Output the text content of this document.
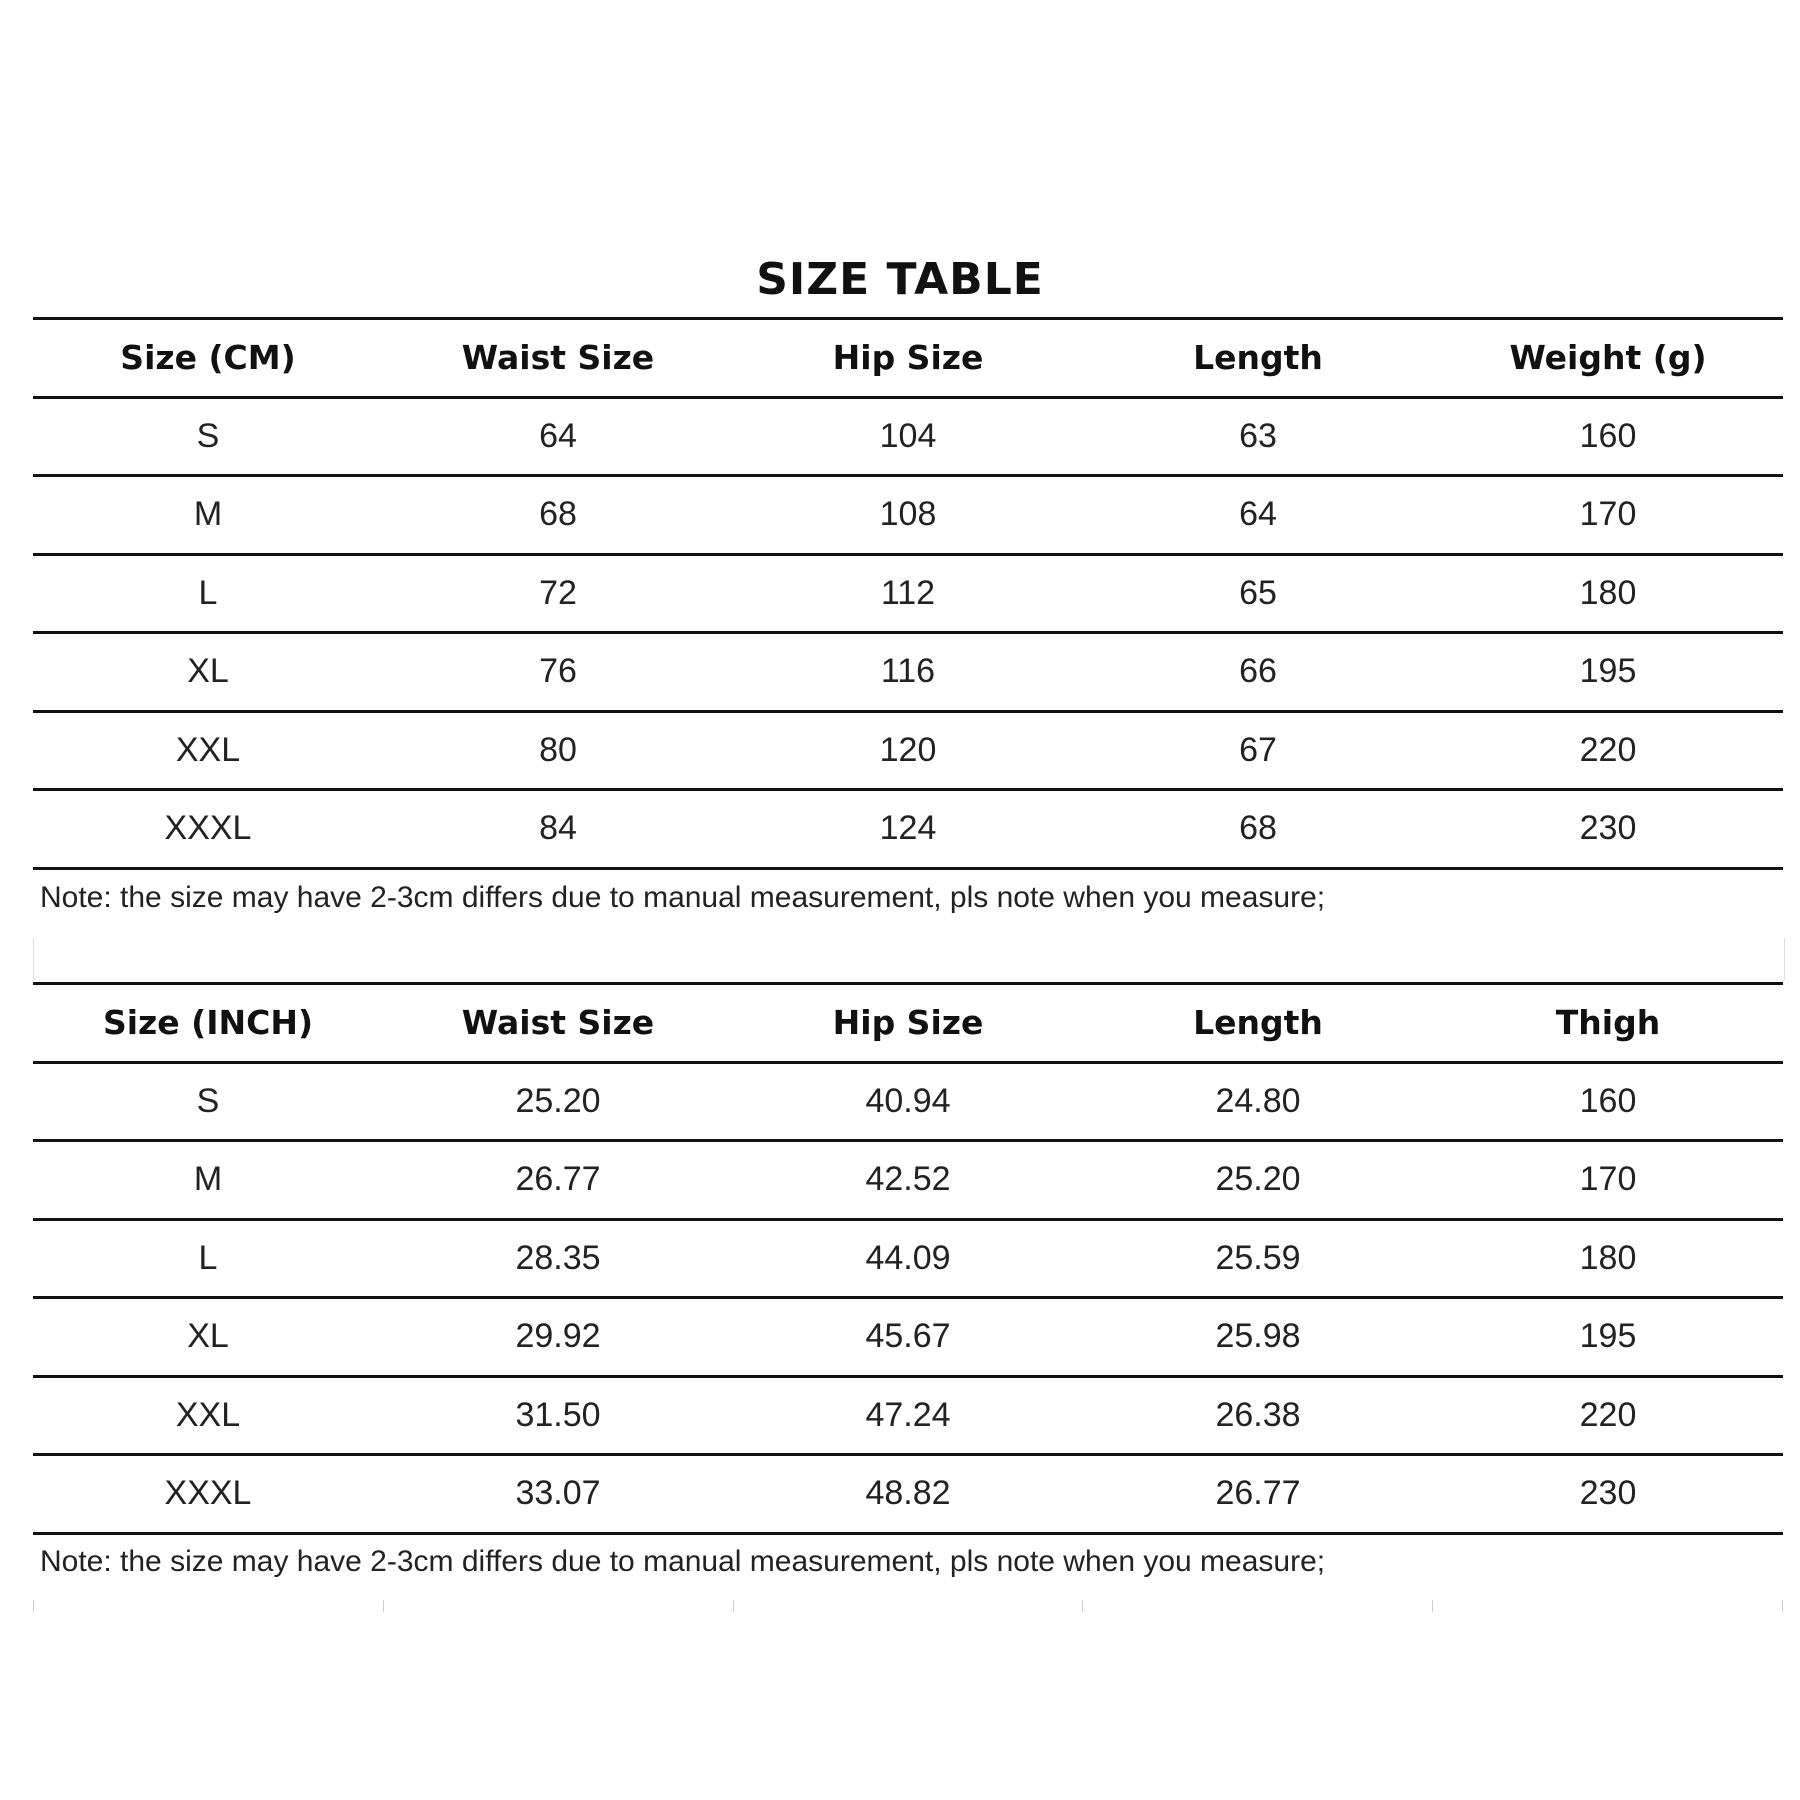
SIZE TABLE
Size (CM)	Waist Size	Hip Size	Length	Weight (g)
S	64	104	63	160
M	68	108	64	170
L	72	112	65	180
XL	76	116	66	195
XXL	80	120	67	220
XXXL	84	124	68	230
Note: the size may have 2-3cm differs due to manual measurement, pls note when you measure;
Size (INCH)	Waist Size	Hip Size	Length	Thigh
S	25.20	40.94	24.80	160
M	26.77	42.52	25.20	170
L	28.35	44.09	25.59	180
XL	29.92	45.67	25.98	195
XXL	31.50	47.24	26.38	220
XXXL	33.07	48.82	26.77	230
Note: the size may have 2-3cm differs due to manual measurement, pls note when you measure;
